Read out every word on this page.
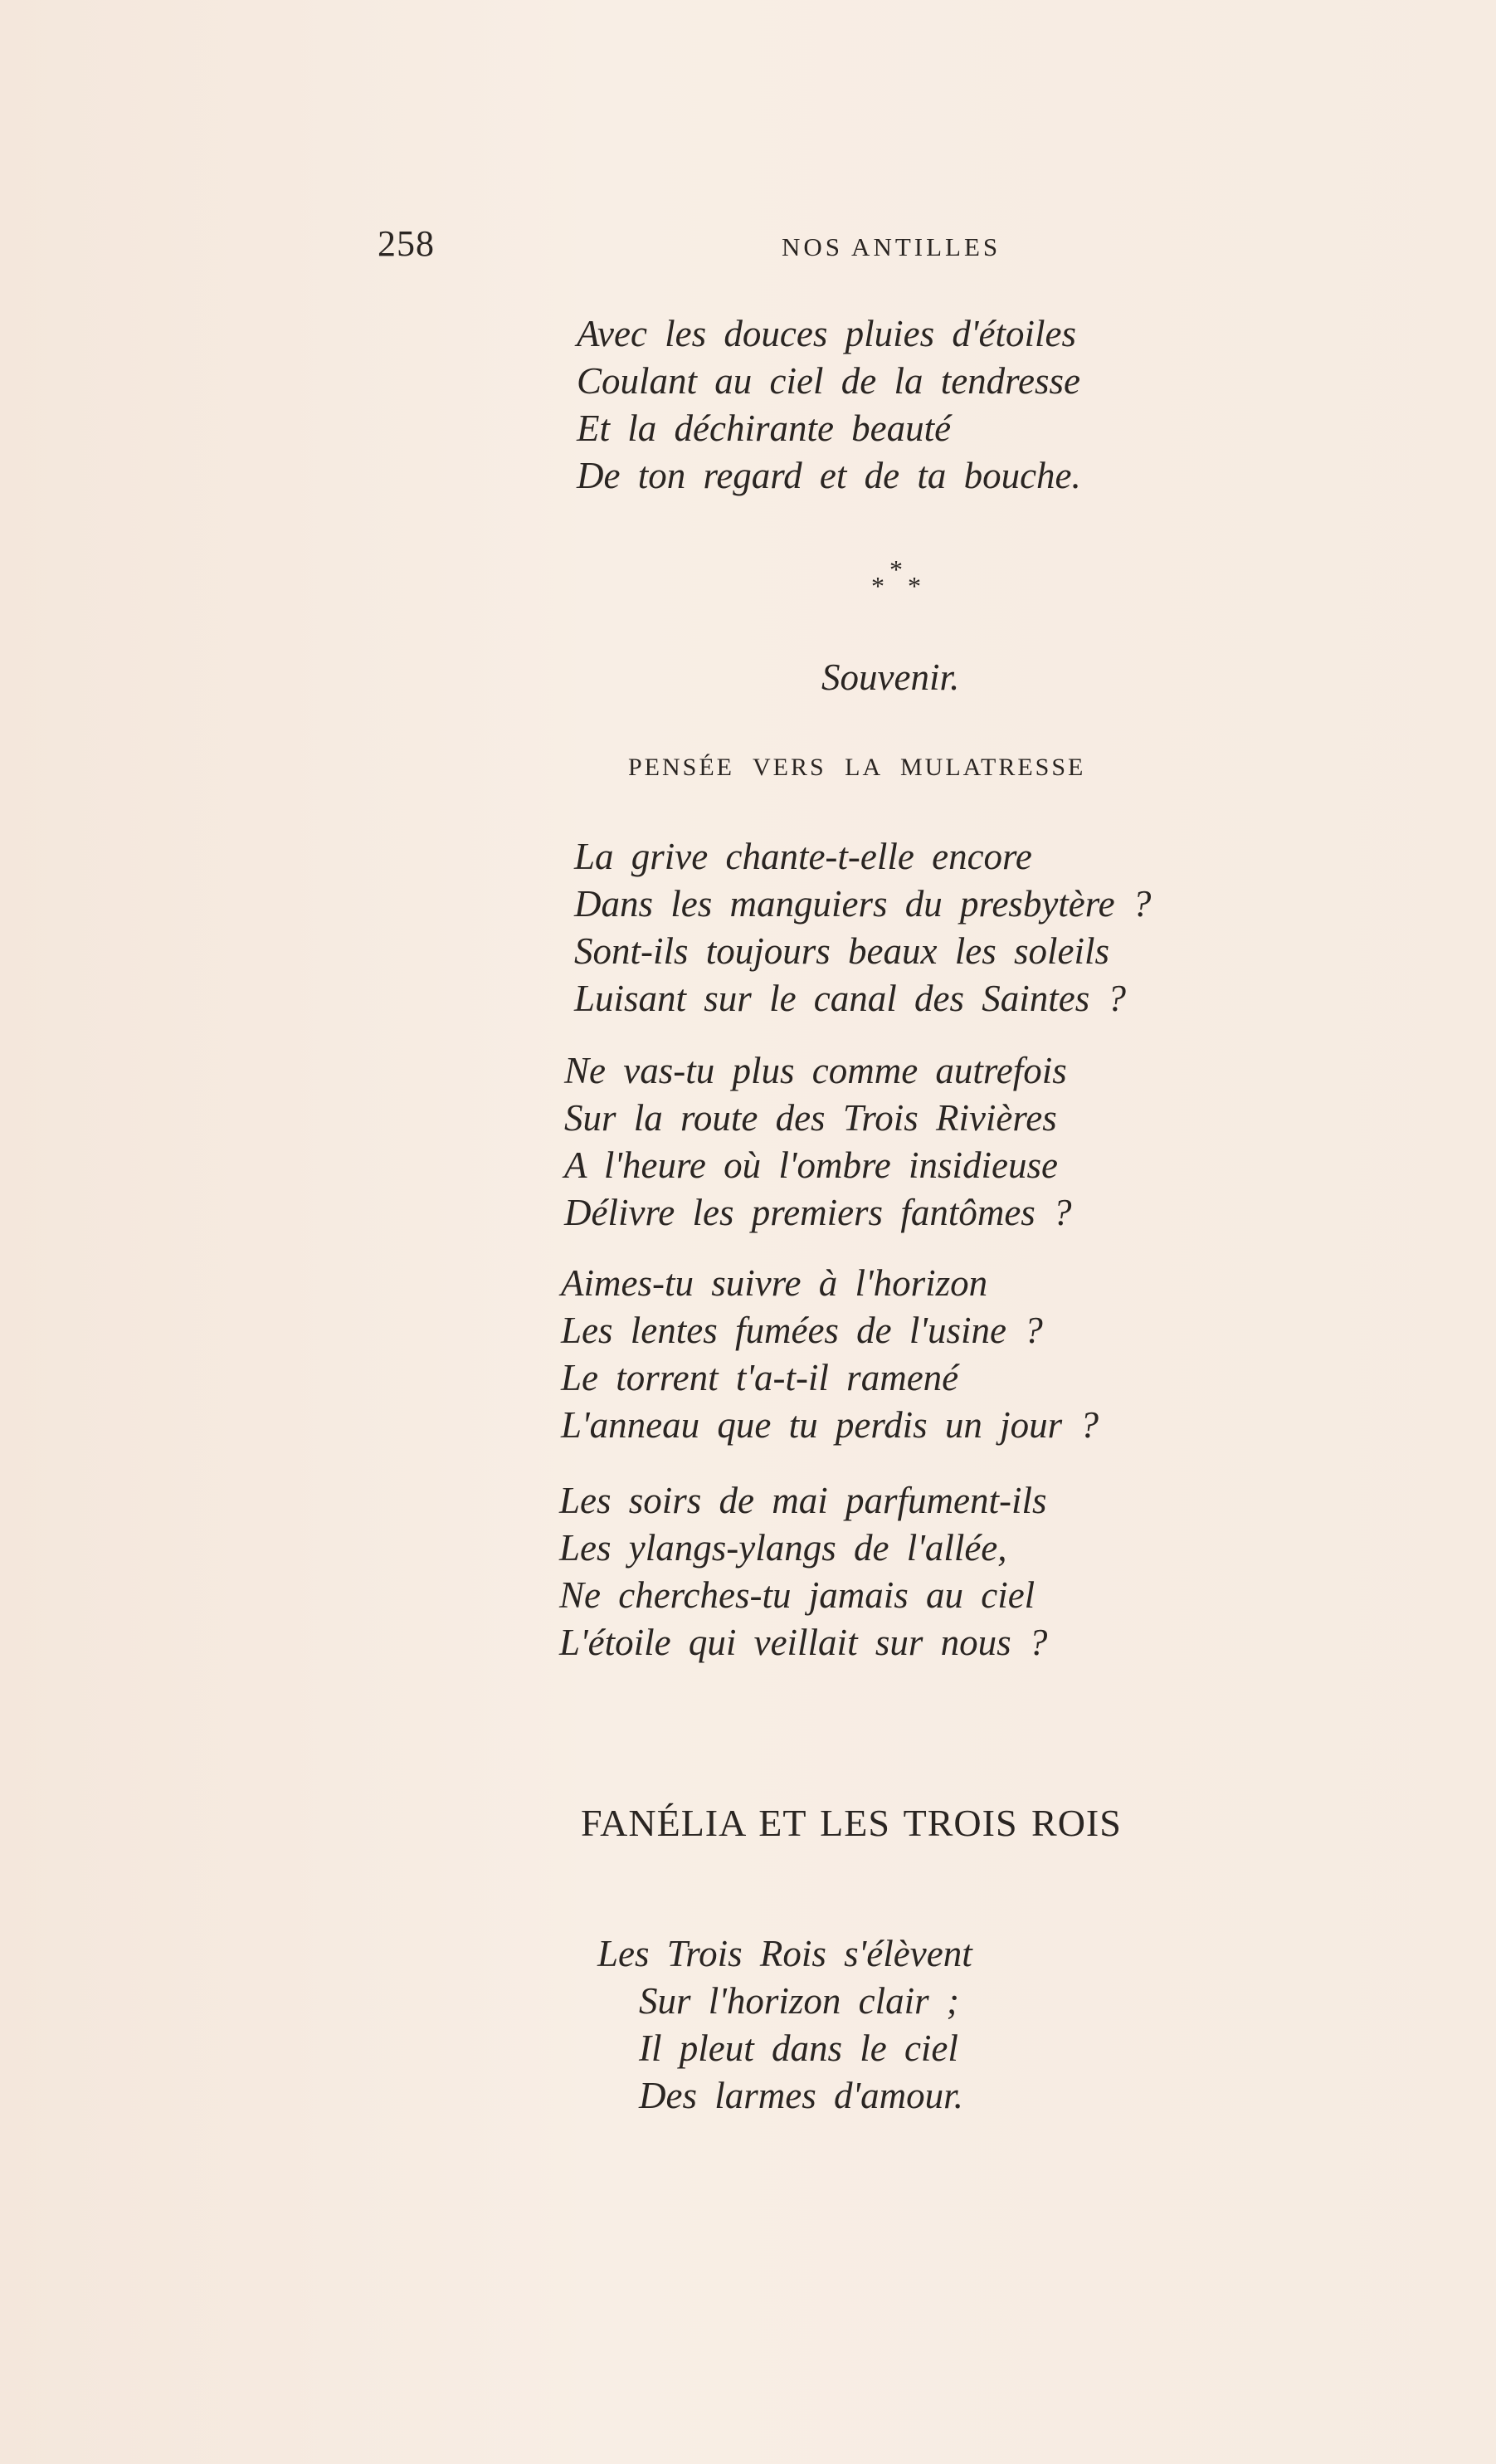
258	NOS ANTILLES
Avec les douces pluies d'étoiles
Coulant au ciel de la tendresse
Et la déchirante beauté
De ton regard et de ta bouche.
*
* *
Souvenir.
PENSÉE VERS LA MULATRESSE
La grive chante-t-elle encore
Dans les manguiers du presbytère ?
Sont-ils toujours beaux les soleils
Luisant sur le canal des Saintes ?
Ne vas-tu plus comme autrefois
Sur la route des Trois Rivières
A l'heure où l'ombre insidieuse
Délivre les premiers fantômes ?
Aimes-tu suivre à l'horizon
Les lentes fumées de l'usine ?
Le torrent t'a-t-il ramené
L'anneau que tu perdis un jour ?
Les soirs de mai parfument-ils
Les ylangs-ylangs de l'allée,
Ne cherches-tu jamais au ciel
L'étoile qui veillait sur nous ?
FANÉLIA ET LES TROIS ROIS
Les Trois Rois s'élèvent
Sur l'horizon clair ;
Il pleut dans le ciel
Des larmes d'amour.
